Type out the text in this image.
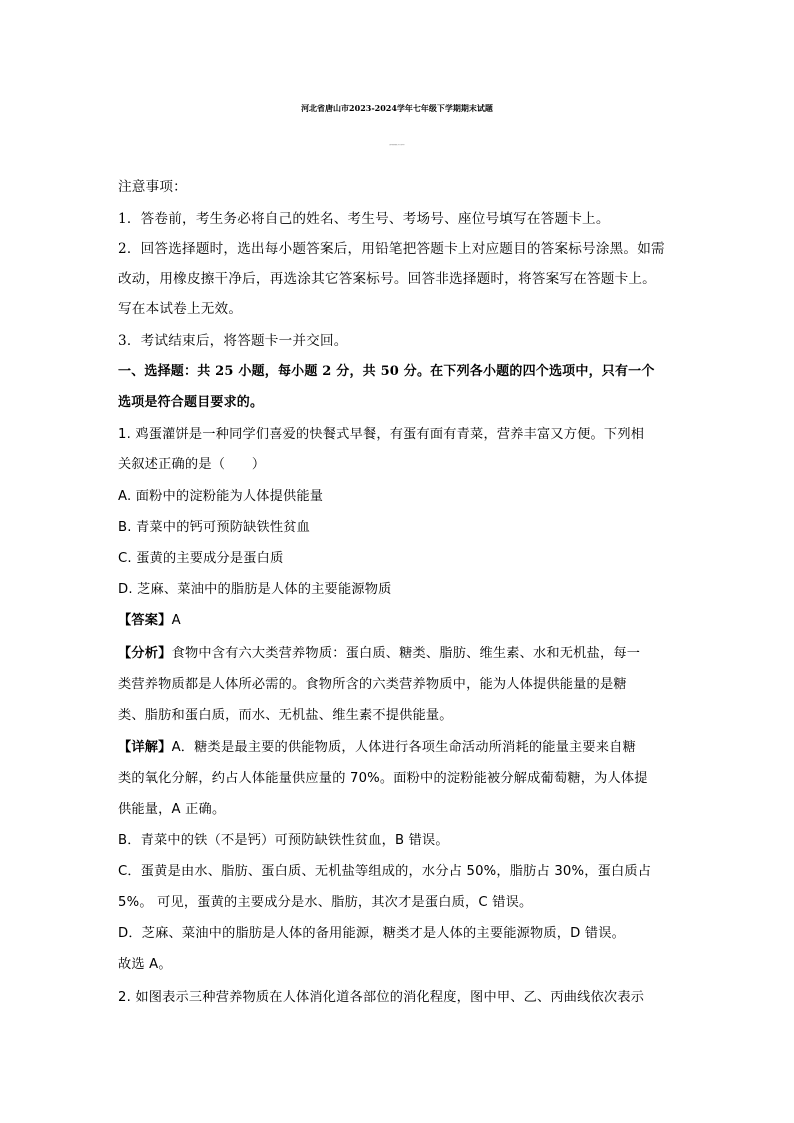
河北省唐山市2023-2024学年七年级下学期期末试题
注意事项：
1．答卷前，考生务必将自己的姓名、考生号、考场号、座位号填写在答题卡上。
2．回答选择题时，选出每小题答案后，用铅笔把答题卡上对应题目的答案标号涂黑。如需
改动，用橡皮擦干净后，再选涂其它答案标号。回答非选择题时，将答案写在答题卡上。
写在本试卷上无效。
3．考试结束后，将答题卡一并交回。
一、选择题：共 25 小题，每小题 2 分，共 50 分。在下列各小题的四个选项中，只有一个
选项是符合题目要求的。
1. 鸡蛋灌饼是一种同学们喜爱的快餐式早餐，有蛋有面有青菜，营养丰富又方便。下列相
关叙述正确的是（　　）
A. 面粉中的淀粉能为人体提供能量
B. 青菜中的钙可预防缺铁性贫血
C. 蛋黄的主要成分是蛋白质
D. 芝麻、菜油中的脂肪是人体的主要能源物质
【答案】A
【分析】食物中含有六大类营养物质：蛋白质、糖类、脂肪、维生素、水和无机盐，每一
类营养物质都是人体所必需的。食物所含的六类营养物质中，能为人体提供能量的是糖
类、脂肪和蛋白质，而水、无机盐、维生素不提供能量。
【详解】A．糖类是最主要的供能物质，人体进行各项生命活动所消耗的能量主要来自糖
类的氧化分解，约占人体能量供应量的 70%。面粉中的淀粉能被分解成葡萄糖，为人体提
供能量，A 正确。
B．青菜中的铁（不是钙）可预防缺铁性贫血，B 错误。
C．蛋黄是由水、脂肪、蛋白质、无机盐等组成的，水分占 50%，脂肪占 30%，蛋白质占
5%。 可见，蛋黄的主要成分是水、脂肪，其次才是蛋白质，C 错误。
D．芝麻、菜油中的脂肪是人体的备用能源，糖类才是人体的主要能源物质，D 错误。
故选 A。
2. 如图表示三种营养物质在人体消化道各部位的消化程度，图中甲、乙、丙曲线依次表示
